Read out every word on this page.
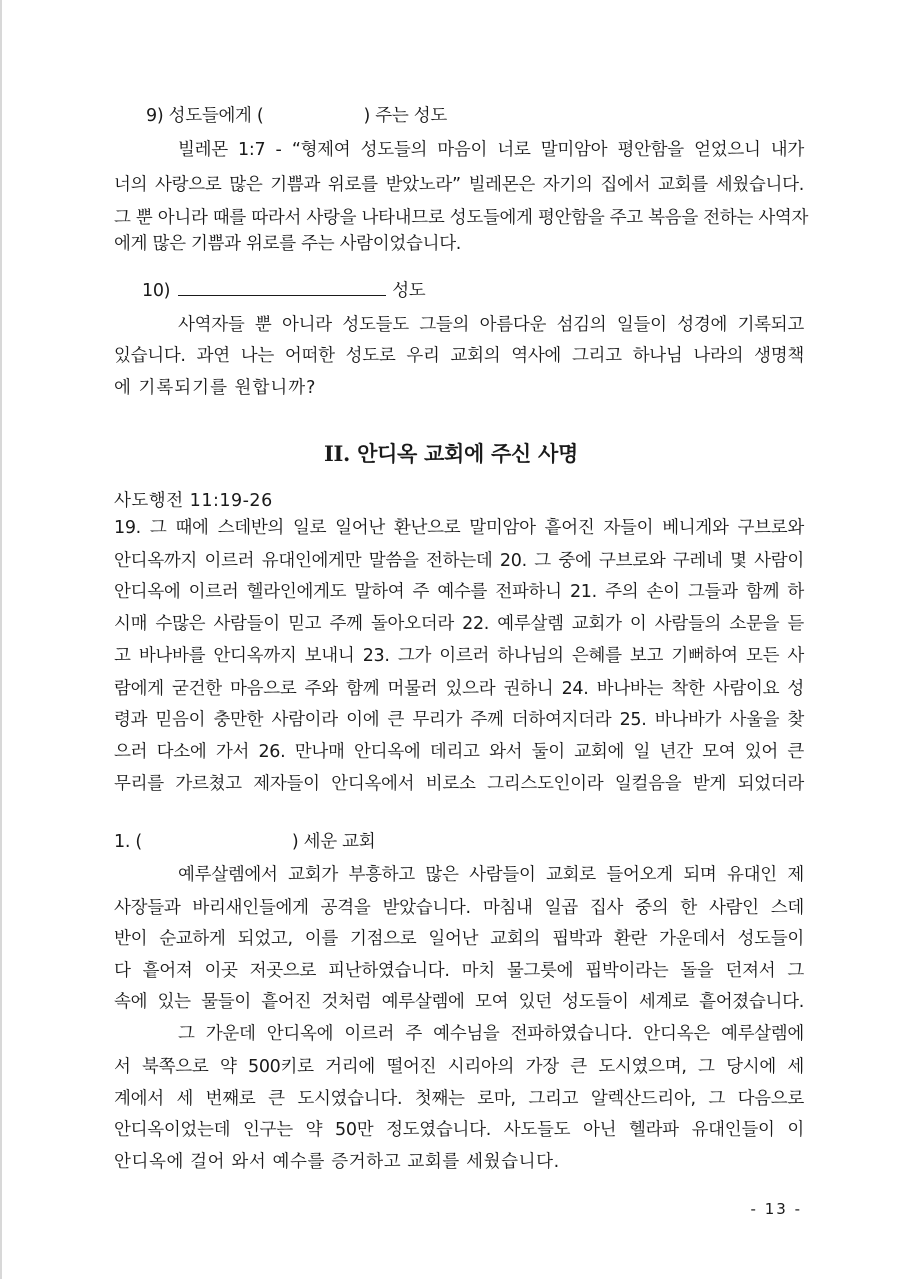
9) 성도들에게 (	) 주는 성도
빌레몬 1:7 - “형제여 성도들의 마음이 너로 말미암아 평안함을 얻었으니 내가
너의 사랑으로 많은 기쁨과 위로를 받았노라” 빌레몬은 자기의 집에서 교회를 세웠습니다.
그 뿐 아니라 때를 따라서 사랑을 나타내므로 성도들에게 평안함을 주고 복음을 전하는 사역자
에게 많은 기쁨과 위로를 주는 사람이었습니다.
10)	성도
사역자들 뿐 아니라 성도들도 그들의 아름다운 섬김의 일들이 성경에 기록되고
있습니다. 과연 나는 어떠한 성도로 우리 교회의 역사에 그리고 하나님 나라의 생명책
에 기록되기를 원합니까?
II. 안디옥 교회에 주신 사명
사도행전 11:19-26
19. 그 때에 스데반의 일로 일어난 환난으로 말미암아 흩어진 자들이 베니게와 구브로와
안디옥까지 이르러 유대인에게만 말씀을 전하는데 20. 그 중에 구브로와 구레네 몇 사람이
안디옥에 이르러 헬라인에게도 말하여 주 예수를 전파하니 21. 주의 손이 그들과 함께 하
시매 수많은 사람들이 믿고 주께 돌아오더라 22. 예루살렘 교회가 이 사람들의 소문을 듣
고 바나바를 안디옥까지 보내니 23. 그가 이르러 하나님의 은혜를 보고 기뻐하여 모든 사
람에게 굳건한 마음으로 주와 함께 머물러 있으라 권하니 24. 바나바는 착한 사람이요 성
령과 믿음이 충만한 사람이라 이에 큰 무리가 주께 더하여지더라 25. 바나바가 사울을 찾
으러 다소에 가서 26. 만나매 안디옥에 데리고 와서 둘이 교회에 일 년간 모여 있어 큰
무리를 가르쳤고 제자들이 안디옥에서 비로소 그리스도인이라 일컬음을 받게 되었더라
1. (	) 세운 교회
예루살렘에서 교회가 부흥하고 많은 사람들이 교회로 들어오게 되며 유대인 제
사장들과 바리새인들에게 공격을 받았습니다. 마침내 일곱 집사 중의 한 사람인 스데
반이 순교하게 되었고, 이를 기점으로 일어난 교회의 핍박과 환란 가운데서 성도들이
다 흩어져 이곳 저곳으로 피난하였습니다. 마치 물그릇에 핍박이라는 돌을 던져서 그
속에 있는 물들이 흩어진 것처럼 예루살렘에 모여 있던 성도들이 세계로 흩어졌습니다.
그 가운데 안디옥에 이르러 주 예수님을 전파하였습니다. 안디옥은 예루살렘에
서 북쪽으로 약 500키로 거리에 떨어진 시리아의 가장 큰 도시였으며, 그 당시에 세
계에서 세 번째로 큰 도시였습니다. 첫째는 로마, 그리고 알렉산드리아, 그 다음으로
안디옥이었는데 인구는 약 50만 정도였습니다. 사도들도 아닌 헬라파 유대인들이 이
안디옥에 걸어 와서 예수를 증거하고 교회를 세웠습니다.
- 13 -
